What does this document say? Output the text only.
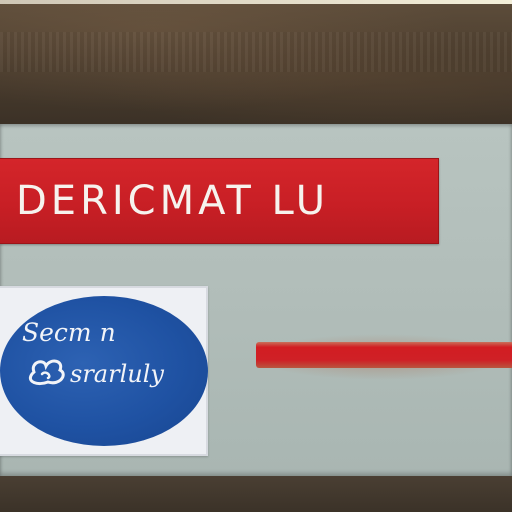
DERICMAT LU
Secm n
srarluly
